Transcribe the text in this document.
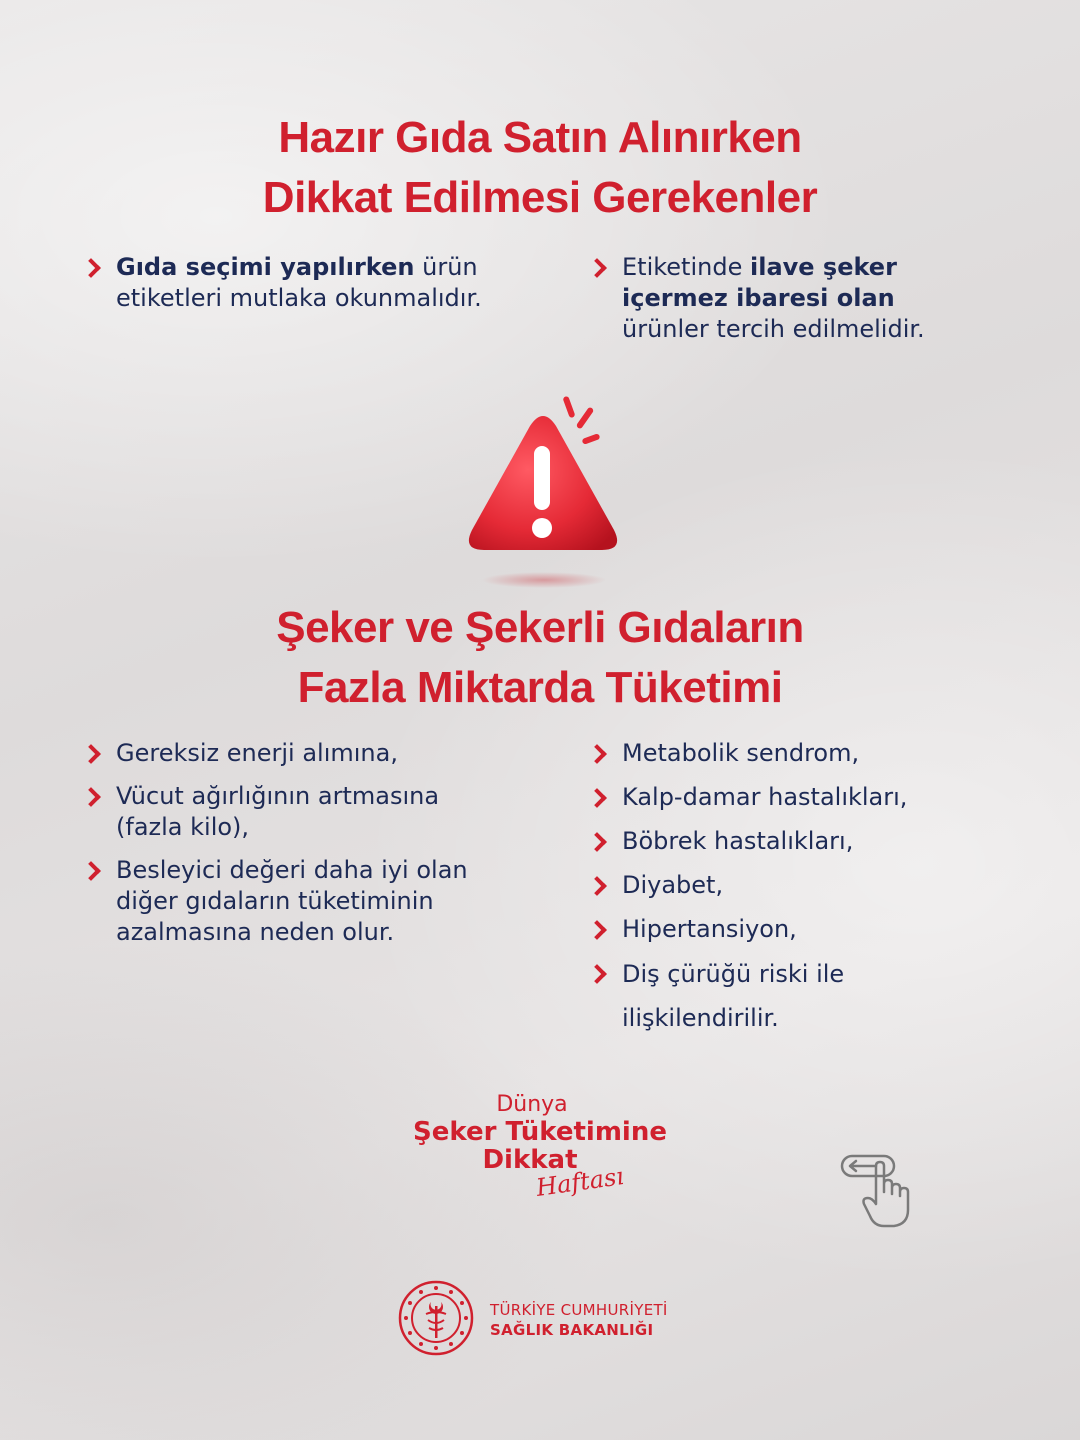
Hazır Gıda Satın Alınırken
Dikkat Edilmesi Gerekenler
Gıda seçimi yapılırken ürün etiketleri mutlaka okunmalıdır.
Etiketinde ilave şeker içermez ibaresi olan ürünler tercih edilmelidir.
Şeker ve Şekerli Gıdaların
Fazla Miktarda Tüketimi
Gereksiz enerji alımına,
Vücut ağırlığının artmasına (fazla kilo),
Besleyici değeri daha iyi olan diğer gıdaların tüketiminin azalmasına neden olur.
Metabolik sendrom,
Kalp-damar hastalıkları,
Böbrek hastalıkları,
Diyabet,
Hipertansiyon,
Diş çürüğü riski ile ilişkilendirilir.
Dünya
Şeker Tüketimine
Dikkat
Haftası
TÜRKİYE CUMHURİYETİ
SAĞLIK BAKANLIĞI
